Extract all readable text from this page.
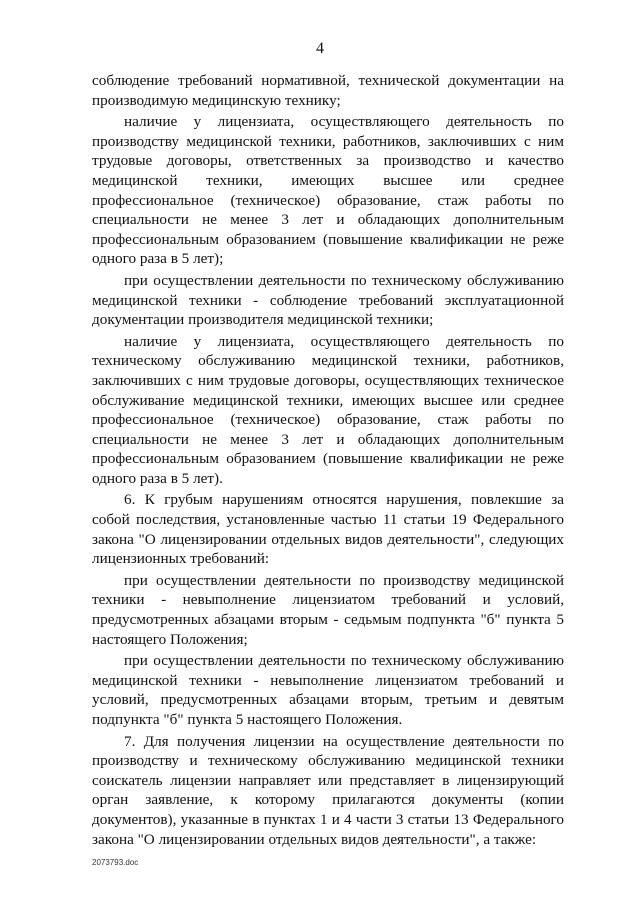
4

соблюдение требований нормативной, технической документации на производимую медицинскую технику;

наличие у лицензиата, осуществляющего деятельность по производству медицинской техники, работников, заключивших с ним трудовые договоры, ответственных за производство и качество медицинской техники, имеющих высшее или среднее профессиональное (техническое) образование, стаж работы по специальности не менее 3 лет и обладающих дополнительным профессиональным образованием (повышение квалификации не реже одного раза в 5 лет);

при осуществлении деятельности по техническому обслуживанию медицинской техники - соблюдение требований эксплуатационной документации производителя медицинской техники;

наличие у лицензиата, осуществляющего деятельность по техническому обслуживанию медицинской техники, работников, заключивших с ним трудовые договоры, осуществляющих техническое обслуживание медицинской техники, имеющих высшее или среднее профессиональное (техническое) образование, стаж работы по специальности не менее 3 лет и обладающих дополнительным профессиональным образованием (повышение квалификации не реже одного раза в 5 лет).

6. К грубым нарушениям относятся нарушения, повлекшие за собой последствия, установленные частью 11 статьи 19 Федерального закона "О лицензировании отдельных видов деятельности", следующих лицензионных требований:

при осуществлении деятельности по производству медицинской техники - невыполнение лицензиатом требований и условий, предусмотренных абзацами вторым - седьмым подпункта "б" пункта 5 настоящего Положения;

при осуществлении деятельности по техническому обслуживанию медицинской техники - невыполнение лицензиатом требований и условий, предусмотренных абзацами вторым, третьим и девятым подпункта "б" пункта 5 настоящего Положения.

7. Для получения лицензии на осуществление деятельности по производству и техническому обслуживанию медицинской техники соискатель лицензии направляет или представляет в лицензирующий орган заявление, к которому прилагаются документы (копии документов), указанные в пунктах 1 и 4 части 3 статьи 13 Федерального закона "О лицензировании отдельных видов деятельности", а также:

2073793.doc
